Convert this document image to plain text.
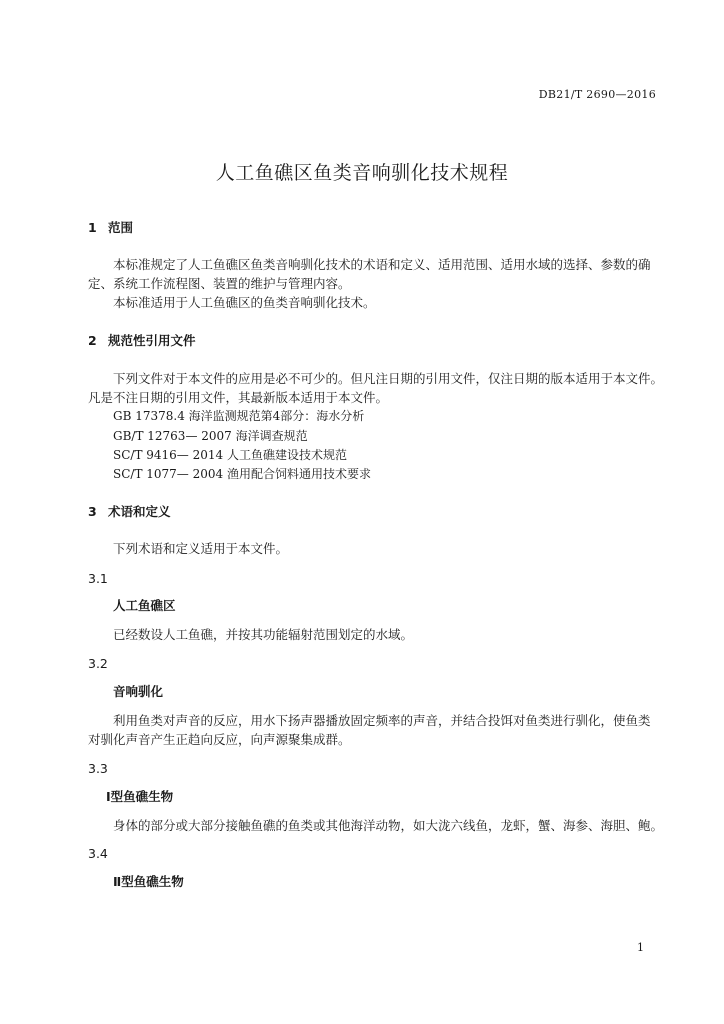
DB21/T 2690—2016
人工鱼礁区鱼类音响驯化技术规程
1 范围
本标准规定了人工鱼礁区鱼类音响驯化技术的术语和定义、适用范围、适用水域的选择、参数的确
定、系统工作流程图、装置的维护与管理内容。
本标准适用于人工鱼礁区的鱼类音响驯化技术。
2 规范性引用文件
下列文件对于本文件的应用是必不可少的。但凡注日期的引用文件，仅注日期的版本适用于本文件。
凡是不注日期的引用文件，其最新版本适用于本文件。
GB 17378.4 海洋监测规范第4部分：海水分析
GB/T 12763— 2007 海洋调查规范
SC/T 9416— 2014 人工鱼礁建设技术规范
SC/T 1077— 2004 渔用配合饲料通用技术要求
3 术语和定义
下列术语和定义适用于本文件。
3.1
人工鱼礁区
已经数设人工鱼礁，并按其功能辐射范围划定的水域。
3.2
音响驯化
利用鱼类对声音的反应，用水下扬声器播放固定频率的声音，并结合投饵对鱼类进行驯化，使鱼类
对驯化声音产生正趋向反应，向声源聚集成群。
3.3
Ⅰ型鱼礁生物
身体的部分或大部分接触鱼礁的鱼类或其他海洋动物，如大泷六线鱼，龙虾，蟹、海参、海胆、鲍。
3.4
Ⅱ型鱼礁生物
1
